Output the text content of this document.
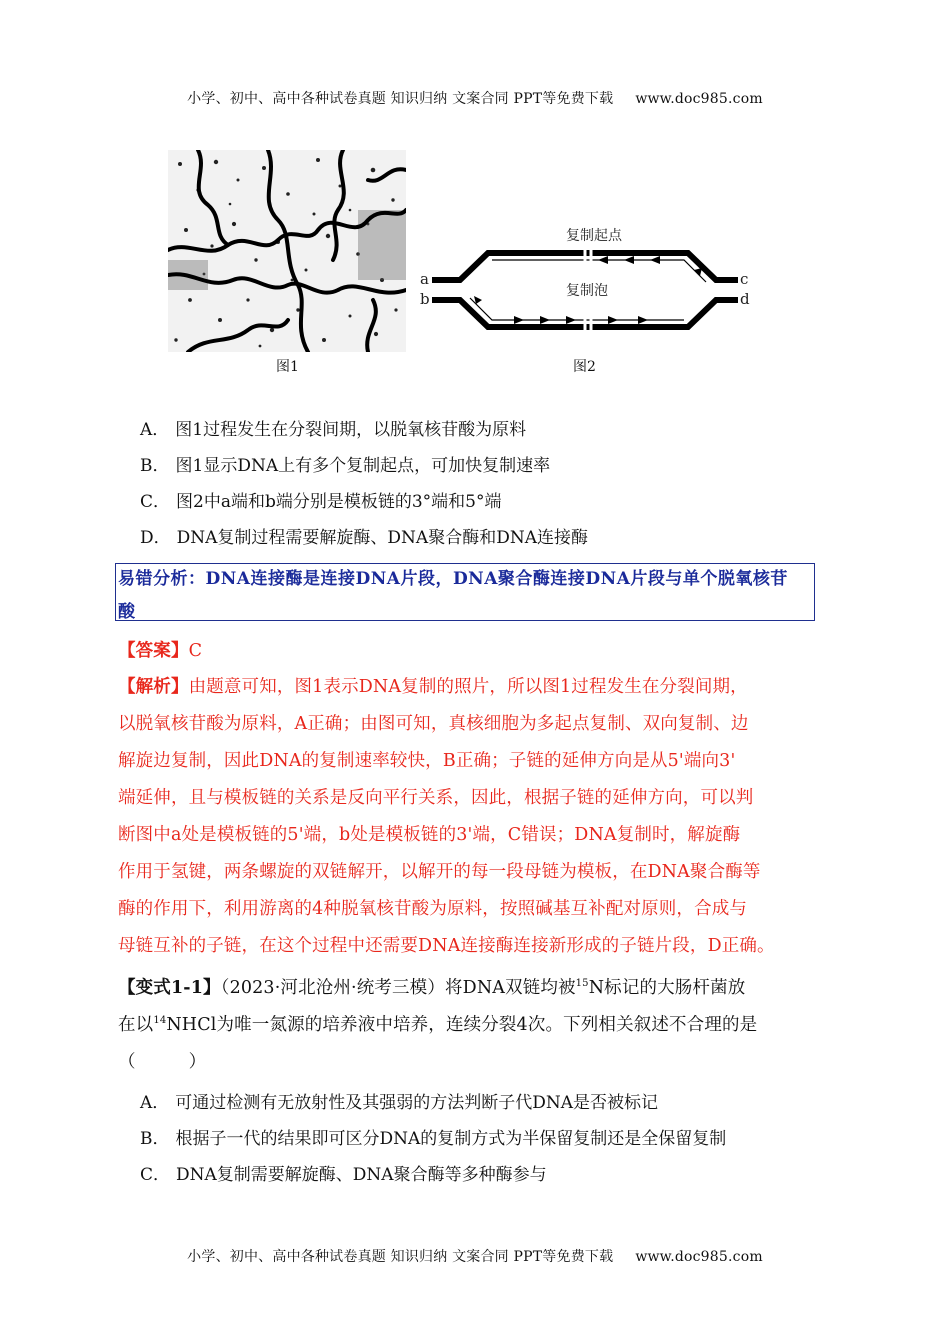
小学、初中、高中各种试卷真题 知识归纳 文案合同 PPT等免费下载 www.doc985.com
图1
复制起点
复制泡
a
b
c
d
图2
A． 图1过程发生在分裂间期，以脱氧核苷酸为原料
B． 图1显示DNA上有多个复制起点，可加快复制速率
C． 图2中a端和b端分别是模板链的3°端和5°端
D． DNA复制过程需要解旋酶、DNA聚合酶和DNA连接酶
易错分析：DNA连接酶是连接DNA片段，DNA聚合酶连接DNA片段与单个脱氧核苷
酸
【答案】C
【解析】由题意可知，图1表示DNA复制的照片，所以图1过程发生在分裂间期，
以脱氧核苷酸为原料，A正确；由图可知，真核细胞为多起点复制、双向复制、边
解旋边复制，因此DNA的复制速率较快，B正确；子链的延伸方向是从5'端向3'
端延伸，且与模板链的关系是反向平行关系，因此，根据子链的延伸方向，可以判
断图中a处是模板链的5'端，b处是模板链的3'端，C错误；DNA复制时，解旋酶
作用于氢键，两条螺旋的双链解开，以解开的每一段母链为模板，在DNA聚合酶等
酶的作用下，利用游离的4种脱氧核苷酸为原料，按照碱基互补配对原则，合成与
母链互补的子链，在这个过程中还需要DNA连接酶连接新形成的子链片段，D正确。
【变式1-1】（2023·河北沧州·统考三模）将DNA双链均被$^{15}$N标记的大肠杆菌放
在以$^{14}$NHCl为唯一氮源的培养液中培养，连续分裂4次。下列相关叙述不合理的是
（　　　）
A． 可通过检测有无放射性及其强弱的方法判断子代DNA是否被标记
B． 根据子一代的结果即可区分DNA的复制方式为半保留复制还是全保留复制
C． DNA复制需要解旋酶、DNA聚合酶等多种酶参与
小学、初中、高中各种试卷真题 知识归纳 文案合同 PPT等免费下载 www.doc985.com
